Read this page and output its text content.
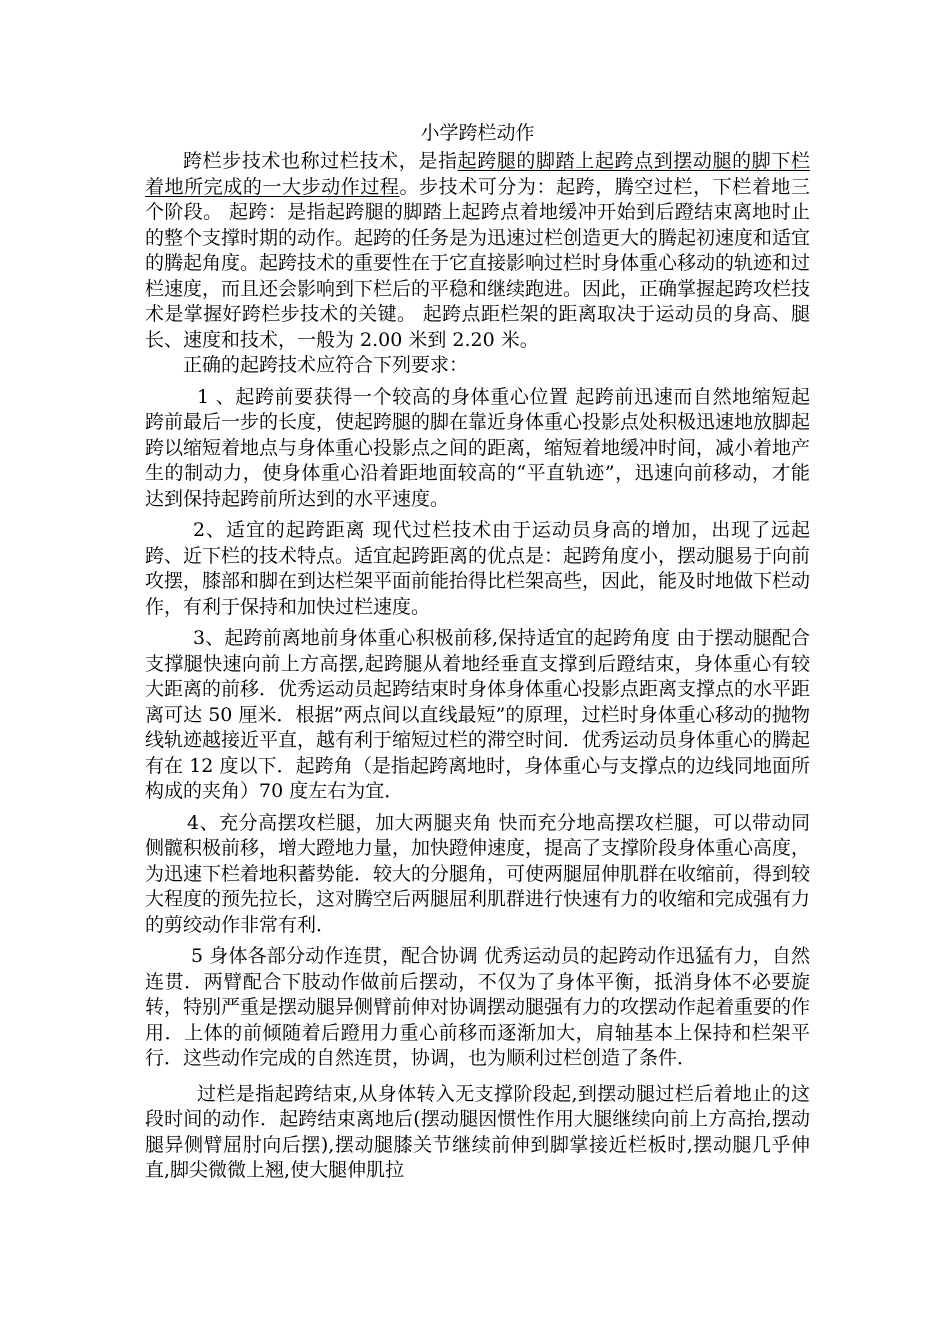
小学跨栏动作

跨栏步技术也称过栏技术，是指起跨腿的脚踏上起跨点到摆动腿的脚下栏着地所完成的一大步动作过程。步技术可分为：起跨，腾空过栏，下栏着地三个阶段。 起跨：是指起跨腿的脚踏上起跨点着地缓冲开始到后蹬结束离地时止的整个支撑时期的动作。起跨的任务是为迅速过栏创造更大的腾起初速度和适宜的腾起角度。起跨技术的重要性在于它直接影响过栏时身体重心移动的轨迹和过栏速度，而且还会影响到下栏后的平稳和继续跑进。因此，正确掌握起跨攻栏技术是掌握好跨栏步技术的关键。 起跨点距栏架的距离取决于运动员的身高、腿长、速度和技术，一般为 2.00 米到 2.20 米。

正确的起跨技术应符合下列要求：

1 、起跨前要获得一个较高的身体重心位置 起跨前迅速而自然地缩短起跨前最后一步的长度，使起跨腿的脚在靠近身体重心投影点处积极迅速地放脚起跨以缩短着地点与身体重心投影点之间的距离，缩短着地缓冲时间，减小着地产生的制动力，使身体重心沿着距地面较高的“平直轨迹”，迅速向前移动，才能达到保持起跨前所达到的水平速度。

2、适宜的起跨距离 现代过栏技术由于运动员身高的增加，出现了远起跨、近下栏的技术特点。适宜起跨距离的优点是：起跨角度小，摆动腿易于向前攻摆，膝部和脚在到达栏架平面前能抬得比栏架高些，因此，能及时地做下栏动作，有利于保持和加快过栏速度。

3、起跨前离地前身体重心积极前移,保持适宜的起跨角度 由于摆动腿配合支撑腿快速向前上方高摆,起跨腿从着地经垂直支撑到后蹬结束，身体重心有较大距离的前移．优秀运动员起跨结束时身体身体重心投影点距离支撑点的水平距离可达 50 厘米．根据”两点间以直线最短”的原理，过栏时身体重心移动的抛物线轨迹越接近平直，越有利于缩短过栏的滞空时间．优秀运动员身体重心的腾起有在 12 度以下．起跨角（是指起跨离地时，身体重心与支撑点的边线同地面所构成的夹角）70 度左右为宜．

4、充分高摆攻栏腿，加大两腿夹角 快而充分地高摆攻栏腿，可以带动同侧髋积极前移，增大蹬地力量，加快蹬伸速度，提高了支撑阶段身体重心高度，为迅速下栏着地积蓄势能．较大的分腿角，可使两腿屈伸肌群在收缩前，得到较大程度的预先拉长，这对腾空后两腿屈利肌群进行快速有力的收缩和完成强有力的剪绞动作非常有利．

5 身体各部分动作连贯，配合协调 优秀运动员的起跨动作迅猛有力，自然连贯．两臂配合下肢动作做前后摆动，不仅为了身体平衡，抵消身体不必要旋转，特别严重是摆动腿异侧臂前伸对协调摆动腿强有力的攻摆动作起着重要的作用．上体的前倾随着后蹬用力重心前移而逐渐加大，肩轴基本上保持和栏架平行．这些动作完成的自然连贯，协调，也为顺利过栏创造了条件．

过栏是指起跨结束,从身体转入无支撑阶段起,到摆动腿过栏后着地止的这段时间的动作．起跨结束离地后(摆动腿因惯性作用大腿继续向前上方高抬,摆动腿异侧臂屈肘向后摆),摆动腿膝关节继续前伸到脚掌接近栏板时,摆动腿几乎伸直,脚尖微微上翘,使大腿伸肌拉
